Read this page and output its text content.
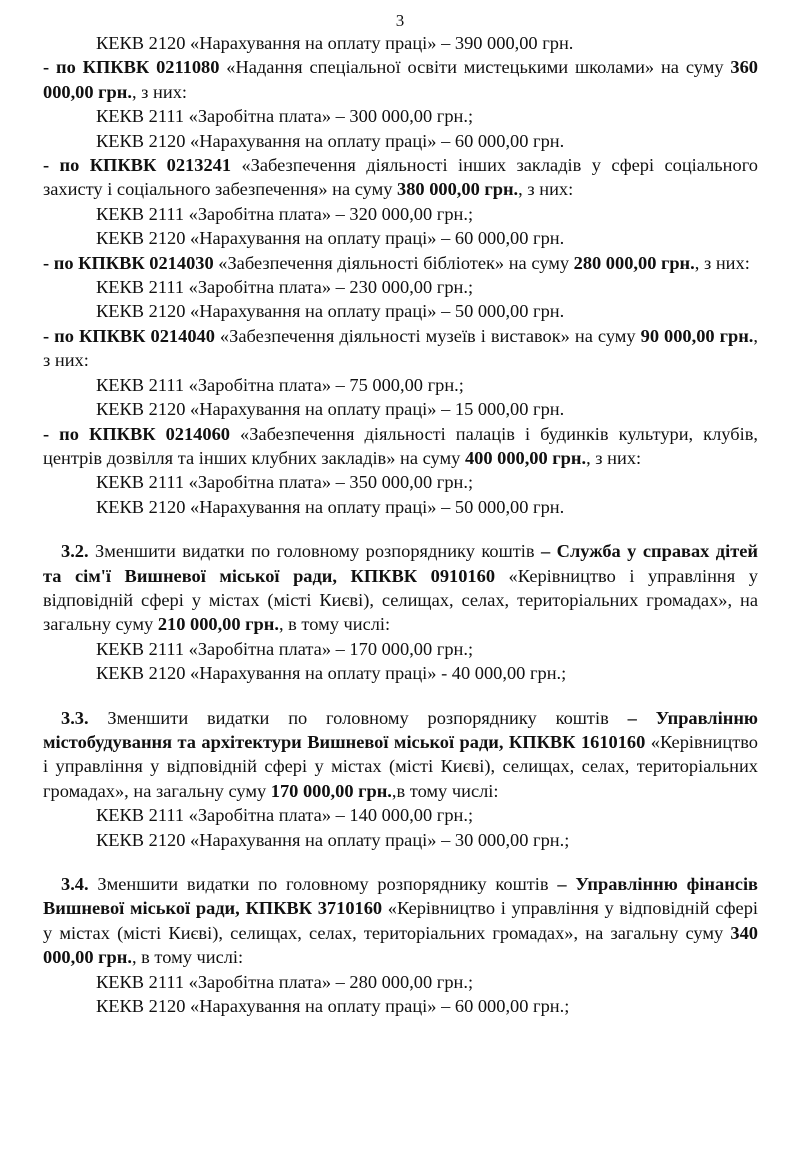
3

КЕКВ 2120 «Нарахування на оплату праці» – 390 000,00 грн.

- по КПКВК 0211080 «Надання спеціальної освіти мистецькими школами» на суму 360 000,00 грн., з них:

КЕКВ 2111 «Заробітна плата» – 300 000,00 грн.;

КЕКВ 2120 «Нарахування на оплату праці» – 60 000,00 грн.

- по КПКВК 0213241 «Забезпечення діяльності інших закладів у сфері соціального захисту і соціального забезпечення» на суму 380 000,00 грн., з них:

КЕКВ 2111 «Заробітна плата» – 320 000,00 грн.;

КЕКВ 2120 «Нарахування на оплату праці» – 60 000,00 грн.

- по КПКВК 0214030 «Забезпечення діяльності бібліотек» на суму 280 000,00 грн., з них:

КЕКВ 2111 «Заробітна плата» – 230 000,00 грн.;

КЕКВ 2120 «Нарахування на оплату праці» – 50 000,00 грн.

- по КПКВК 0214040 «Забезпечення діяльності музеїв і виставок» на суму 90 000,00 грн., з них:

КЕКВ 2111 «Заробітна плата» – 75 000,00 грн.;

КЕКВ 2120 «Нарахування на оплату праці» – 15 000,00 грн.

- по КПКВК 0214060 «Забезпечення діяльності палаців і будинків культури, клубів, центрів дозвілля та інших клубних закладів» на суму 400 000,00 грн., з них:

КЕКВ 2111 «Заробітна плата» – 350 000,00 грн.;

КЕКВ 2120 «Нарахування на оплату праці» – 50 000,00 грн.

3.2. Зменшити видатки по головному розпоряднику коштів – Служба у справах дітей та сім'ї Вишневої міської ради, КПКВК 0910160 «Керівництво і управління у відповідній сфері у містах (місті Києві), селищах, селах, територіальних громадах», на загальну суму 210 000,00 грн., в тому числі:

КЕКВ 2111 «Заробітна плата» – 170 000,00 грн.;

КЕКВ 2120 «Нарахування на оплату праці» - 40 000,00 грн.;

3.3. Зменшити видатки по головному розпоряднику коштів – Управлінню містобудування та архітектури Вишневої міської ради, КПКВК 1610160 «Керівництво і управління у відповідній сфері у містах (місті Києві), селищах, селах, територіальних громадах», на загальну суму 170 000,00 грн.,в тому числі:

КЕКВ 2111 «Заробітна плата» – 140 000,00 грн.;

КЕКВ 2120 «Нарахування на оплату праці» – 30 000,00 грн.;

3.4. Зменшити видатки по головному розпоряднику коштів – Управлінню фінансів Вишневої міської ради, КПКВК 3710160 «Керівництво і управління у відповідній сфері у містах (місті Києві), селищах, селах, територіальних громадах», на загальну суму 340 000,00 грн., в тому числі:

КЕКВ 2111 «Заробітна плата» – 280 000,00 грн.;

КЕКВ 2120 «Нарахування на оплату праці» – 60 000,00 грн.;
